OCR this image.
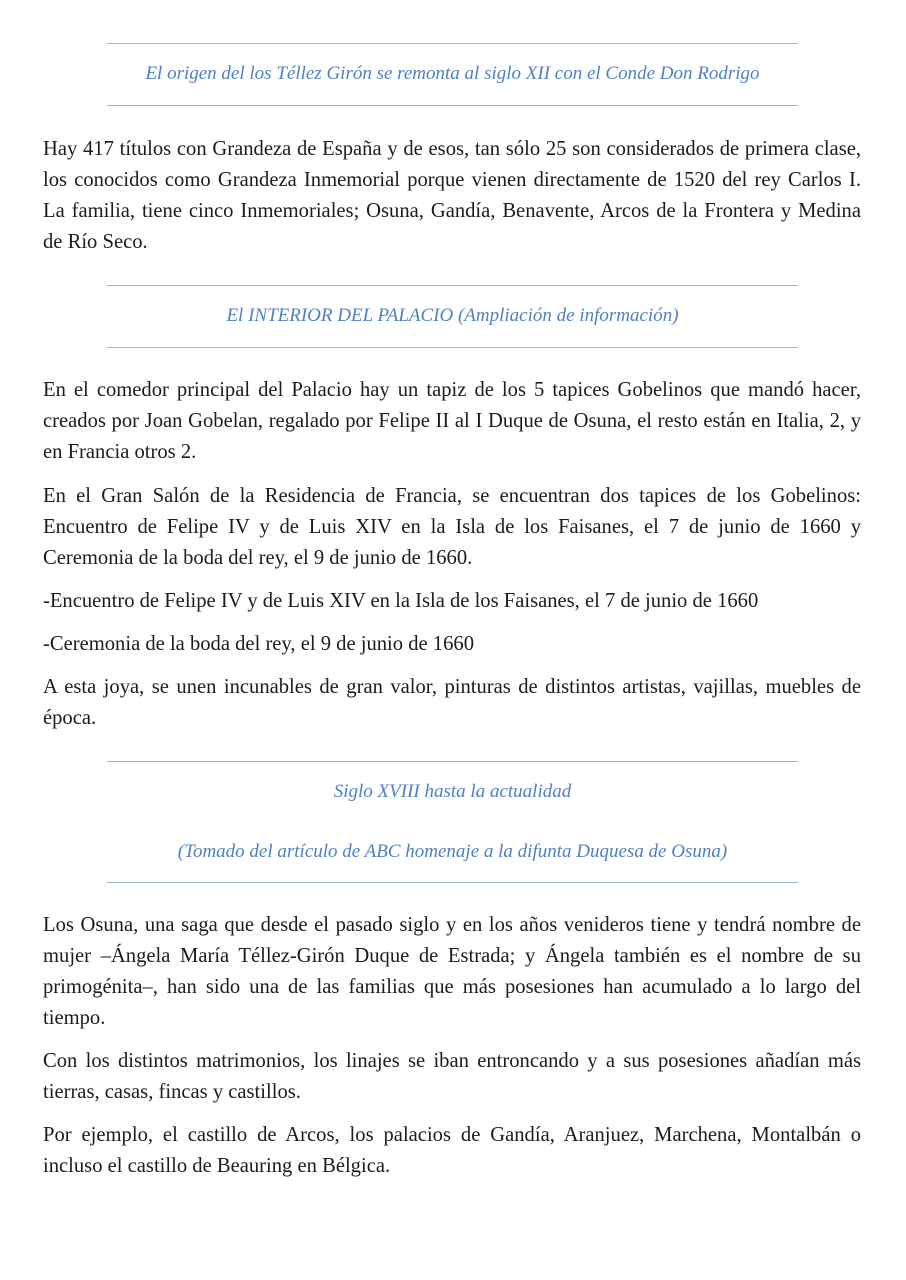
El origen del los Téllez Girón se remonta al siglo XII con el Conde Don Rodrigo

Hay 417 títulos con Grandeza de España y de esos, tan sólo 25 son considerados de primera clase, los conocidos como Grandeza Inmemorial porque vienen directamente de 1520 del rey Carlos I. La familia, tiene cinco Inmemoriales; Osuna, Gandía, Benavente, Arcos de la Frontera y Medina de Río Seco.

El INTERIOR DEL PALACIO (Ampliación de información)

En el comedor principal del Palacio hay un tapiz de los 5 tapices Gobelinos que mandó hacer, creados por Joan Gobelan, regalado por Felipe II al I Duque de Osuna, el resto están en Italia, 2, y en Francia otros 2.

En el Gran Salón de la Residencia de Francia, se encuentran dos tapices de los Gobelinos: Encuentro de Felipe IV y de Luis XIV en la Isla de los Faisanes, el 7 de junio de 1660 y Ceremonia de la boda del rey, el 9 de junio de 1660.

-Encuentro de Felipe IV y de Luis XIV en la Isla de los Faisanes, el 7 de junio de 1660

-Ceremonia de la boda del rey, el 9 de junio de 1660

A esta joya, se unen incunables de gran valor, pinturas de distintos artistas, vajillas, muebles de época.

Siglo XVIII hasta la actualidad
(Tomado del artículo de ABC homenaje a la difunta Duquesa de Osuna)

Los Osuna, una saga que desde el pasado siglo y en los años venideros tiene y tendrá nombre de mujer –Ángela María Téllez-Girón Duque de Estrada; y Ángela también es el nombre de su primogénita–, han sido una de las familias que más posesiones han acumulado a lo largo del tiempo.

Con los distintos matrimonios, los linajes se iban entroncando y a sus posesiones añadían más tierras, casas, fincas y castillos.

Por ejemplo, el castillo de Arcos, los palacios de Gandía, Aranjuez, Marchena, Montalbán o incluso el castillo de Beauring en Bélgica.
